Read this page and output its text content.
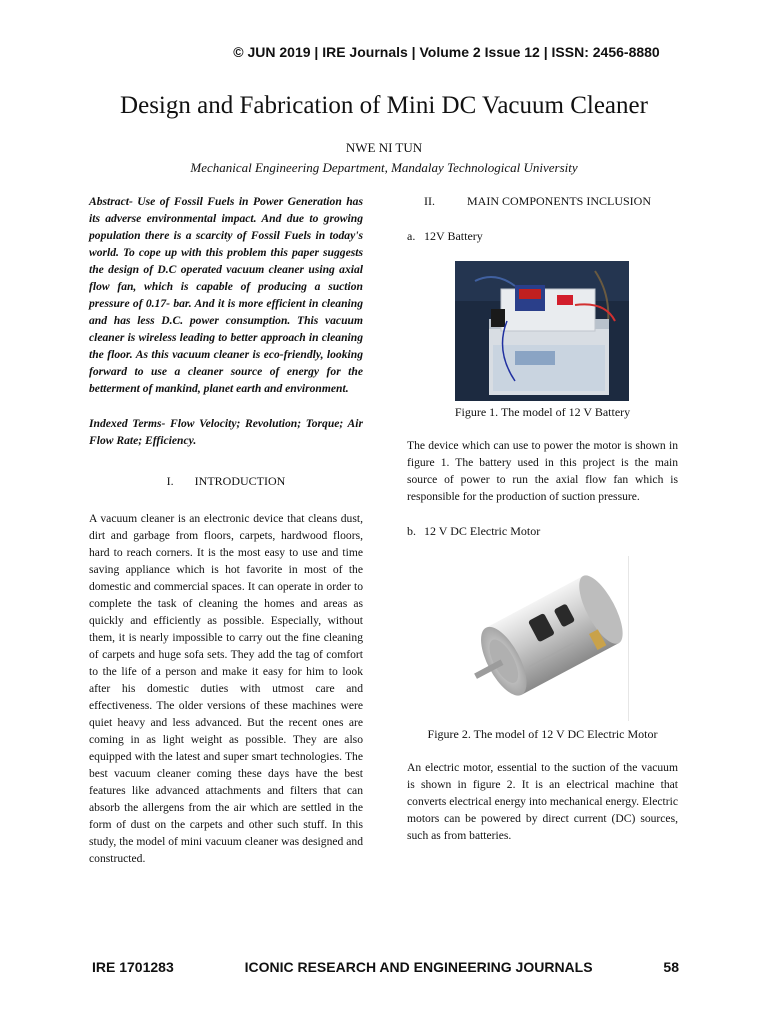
© JUN 2019 | IRE Journals | Volume 2 Issue 12 | ISSN: 2456-8880
Design and Fabrication of Mini DC Vacuum Cleaner
NWE NI TUN
Mechanical Engineering Department, Mandalay Technological University

Abstract- Use of Fossil Fuels in Power Generation has its adverse environmental impact. And due to growing population there is a scarcity of Fossil Fuels in today's world. To cope up with this problem this paper suggests the design of D.C operated vacuum cleaner using axial flow fan, which is capable of producing a suction pressure of 0.17- bar. And it is more efficient in cleaning and has less D.C. power consumption. This vacuum cleaner is wireless leading to better approach in cleaning the floor. As this vacuum cleaner is eco-friendly, looking forward to use a cleaner source of energy for the betterment of mankind, planet earth and environment.

Indexed Terms- Flow Velocity; Revolution; Torque; Air Flow Rate; Efficiency.

I. INTRODUCTION

A vacuum cleaner is an electronic device that cleans dust, dirt and garbage from floors, carpets, hardwood floors, hard to reach corners. It is the most easy to use and time saving appliance which is hot favorite in most of the domestic and commercial spaces. It can operate in order to complete the task of cleaning the homes and areas as quickly and efficiently as possible. Especially, without them, it is nearly impossible to carry out the fine cleaning of carpets and huge sofa sets. They add the tag of comfort to the life of a person and make it easy for him to look after his domestic duties with utmost care and effectiveness. The older versions of these machines were quiet heavy and less advanced. But the recent ones are coming in as light weight as possible. They are also equipped with the latest and super smart technologies. The best vacuum cleaner coming these days have the best features like advanced attachments and filters that can absorb the allergens from the air which are settled in the form of dust on the carpets and other such stuff. In this study, the model of mini vacuum cleaner was designed and constructed.

II.	MAIN COMPONENTS INCLUSION
a. 12V Battery
Figure 1. The model of 12 V Battery

The device which can use to power the motor is shown in figure 1. The battery used in this project is the main source of power to run the axial flow fan which is responsible for the production of suction pressure.

b. 12 V DC Electric Motor
Figure 2. The model of 12 V DC Electric Motor

An electric motor, essential to the suction of the vacuum is shown in figure 2. It is an electrical machine that converts electrical energy into mechanical energy. Electric motors can be powered by direct current (DC) sources, such as from batteries.

IRE 1701283	ICONIC RESEARCH AND ENGINEERING JOURNALS	58
